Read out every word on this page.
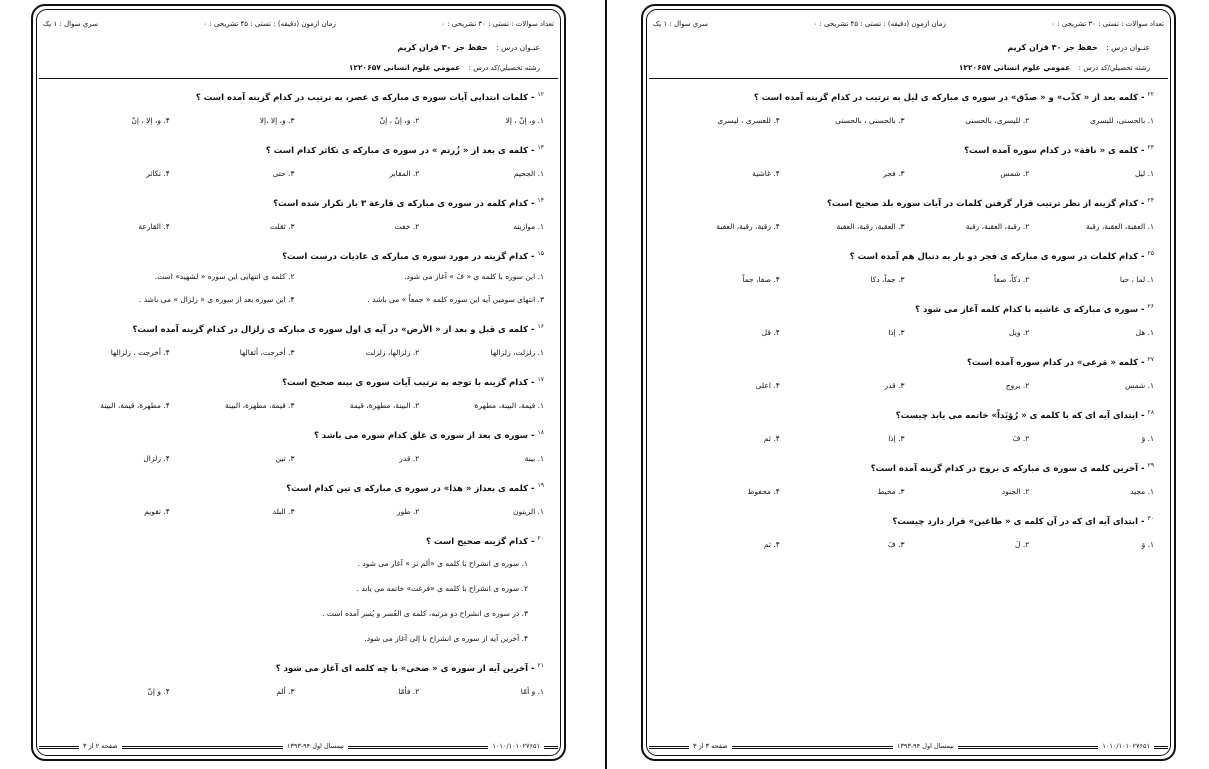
تعداد سوالات : تستی : ۳۰ تشریحی : ۰
زمان ازمون (دقیقه) : تستی : ۴۵ تشریحی : ۰
سري سوال : ۱ یک
عنـوان درس : حفظ جز ۳۰ قران کريم
رشته تحصيلي/کد درس : عمومي علوم انساني ۱۲۲۰۶۵۷
$^{۱۲}$- کلمات ابتدایی آیات سوره ی مبارکه ی عصر، به ترتیب در کدام گزینه آمده است ؟
۱. و، إنّ ، إلا
۲. و، إنّ ، إنّ
۳. و، إلا ،إلا
۴. و، إلا ، إنّ
$^{۱۳}$- کلمه ی بعد از « زُرتم » در سوره ی مبارکه ی تکاثر کدام است ؟
۱. الجحیم
۲. المقابر
۳. حتی
۴. تکاثر
$^{۱۴}$- کدام کلمه در سوره ی مبارکه ی قارعة ۳ بار تکرار شده است؟
۱. موازینه
۲. خفت
۳. ثقلت
۴. القارعة
$^{۱۵}$- کدام گزینه در مورد سوره ی مبارکه ی عادیات درست است؟
۱. این سوره با کلمه ی « فَ » آغاز می شود.
۲. کلمه ی انتهایی این سوره « لشهید» است.
۳. انتهای سومین آیه این سوره کلمه « جمعاً » می باشد .
۴. این سوره بعد از سوره ی « زلزال » می باشد .
$^{۱۶}$- کلمه ی قبل و بعد از « الأرض» در آیه ی اول سوره ی مبارکه ی زلزال در کدام گزینه آمده است؟
۱. زلزلت، زلزالها
۲. زلزالها، زلزلت
۳. أخرجت، أثقالها
۴. أخرجت ، زلزالها
$^{۱۷}$- کدام گزینه با توجه به ترتیب آیات سوره ی بینه صحیح است؟
۱. قیمة، البینة، مطهرة
۲. البینة، مطهرة، قیمة
۳. قیمة، مطهرة، البینة
۴. مطهرة، قیمة، البینة
$^{۱۸}$- سوره ی بعد از سوره ی علق کدام سوره می باشد ؟
۱. بینة
۲. قدر
۳. تین
۴. زلزال
$^{۱۹}$- کلمه ی بعداز « هذا» در سوره ی مبارکه ی تین کدام است؟
۱. الزیتون
۲. طور
۳. البلد
۴. تقویم
$^{۲۰}$- کدام گزینه صحیح است ؟
۱. سوره ی انشراح با کلمه ی «ألم نز » آغاز می شود .
۲. سوره ی انشراح با کلمه ی «فرغت» خاتمه می یابد .
۳. در سوره ی انشراح دو مرتبه، کلمه ی العُسر و یُسر آمده است .
۴. آخرین آیه از سوره ی انشراح با إلی آغاز می شود.
$^{۲۱}$- آخرین آیه از سوره ی « ضحی» با چه کلمه ای آغاز می شود ؟
۱. و أمّا
۲. فأمّا
۳. ألم
۴. و إنّ
۱۰۱۰/۱۰۱۰۲۷۶۵۱
نیمسال اول ۹۴-۱۳۹۳
صفحه ۲ از ۳
تعداد سوالات : تستی : ۳۰ تشریحی : ۰
زمان ازمون (دقیقه) : تستی : ۴۵ تشریحی : ۰
سري سوال : ۱ یک
عنـوان درس : حفظ جز ۳۰ قران کريم
رشته تحصيلي/کد درس : عمومي علوم انساني ۱۲۲۰۶۵۷
$^{۲۲}$- کلمه بعد از « کذّب» و « صدّق» در سوره ی مبارکه ی لیل به ترتیب در کدام گزینه آمده است ؟
۱. بالحسنی، للیسری
۲. للیسری، بالحسنی
۳. بالحسنی ، بالحسنی
۴. للعسری ، لیسری
$^{۲۳}$- کلمه ی « ناقة» در کدام سوره آمده است؟
۱. لیل
۲. شمس
۳. فجر
۴. غاشیة
$^{۲۴}$- کدام گزینه از نظر ترتیب قرار گرفتن کلمات در آیات سوره بلد صحیح است؟
۱. العقبة، العقبة، رقبة
۲. رقبة، العقبة، رقبة
۳. العقبة، رقبة، العقبة
۴. رقبة، رقبة، العقبة
$^{۲۵}$- کدام کلمات در سوره ی مبارکه ی فجر دو بار به دنبال هم آمده است ؟
۱. لما ، حبا
۲. دکاً، صفاً
۳. جماً، دکا
۴. صفا، جماً
$^{۲۶}$- سوره ی مبارکه ی غاشیه با کدام کلمه آغاز می شود ؟
۱. هل
۲. ویل
۳. إذا
۴. قل
$^{۲۷}$- کلمه « مَرعی» در کدام سوره آمده است؟
۱. شمس
۲. بروج
۳. قدر
۴. اعلی
$^{۲۸}$- ابتدای آیه ای که با کلمه ی « رُؤیَداً» خاتمه می یابد چیست؟
۱. وَ
۲. فَ
۳. إذا
۴. ثم
$^{۲۹}$- آخرین کلمه ی سوره ی مبارکه ی بروج در کدام گزینه آمده است؟
۱. مجید
۲. الجنود
۳. محیط
۴. محفوظ
$^{۳۰}$- ابتدای آیه ای که در آن کلمه ی « طاغین» قرار دارد چیست؟
۱. وَ
۲. لَ
۳. فَ
۴. ثم
۱۰۱۰/۱۰۱۰۲۷۶۵۱
نیمسال اول ۹۴-۱۳۹۳
صفحه ۳ از ۳
